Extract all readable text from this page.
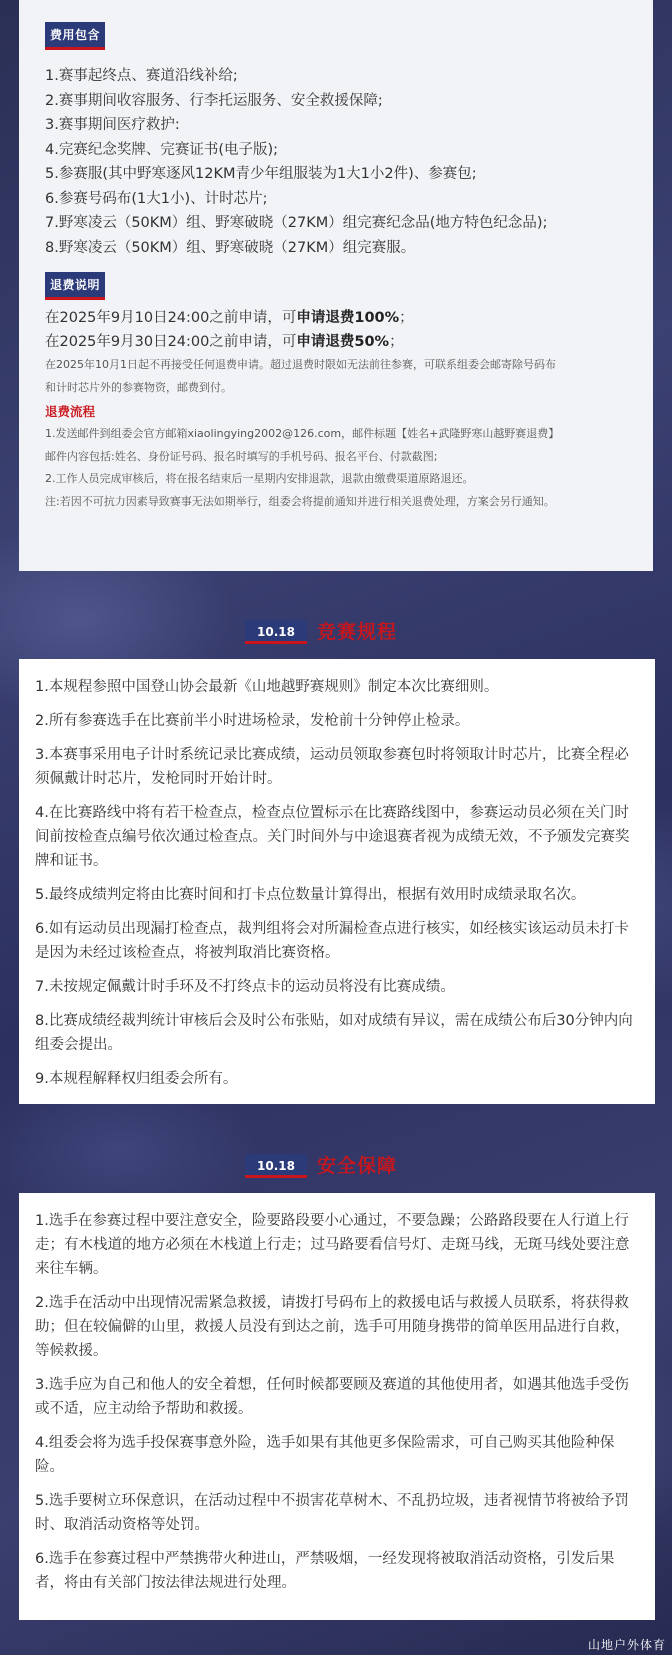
费用包含
1.赛事起终点、赛道沿线补给;
2.赛事期间收容服务、行李托运服务、安全救援保障;
3.赛事期间医疗救护:
4.完赛纪念奖牌、完赛证书(电子版);
5.参赛服(其中野寒逐风12KM青少年组服装为1大1小2件)、参赛包;
6.参赛号码布(1大1小)、计时芯片;
7.野寒凌云（50KM）组、野寒破晓（27KM）组完赛纪念品(地方特色纪念品);
8.野寒凌云（50KM）组、野寒破晓（27KM）组完赛服。
退费说明
在2025年9月10日24:00之前申请，可申请退费100%；
在2025年9月30日24:00之前申请，可申请退费50%；
在2025年10月1日起不再接受任何退费申请。超过退费时限如无法前往参赛，可联系组委会邮寄除号码布
和计时芯片外的参赛物资，邮费到付。
退费流程
1.发送邮件到组委会官方邮箱xiaolingying2002@126.com，邮件标题【姓名+武隆野寒山越野赛退费】
邮件内容包括:姓名、身份证号码、报名时填写的手机号码、报名平台、付款截图;
2.工作人员完成审核后，将在报名结束后一星期内安排退款，退款由缴费渠道原路退还。
注:若因不可抗力因素导致赛事无法如期举行，组委会将提前通知并进行相关退费处理，方案会另行通知。
10.18	竞赛规程

1.本规程参照中国登山协会最新《山地越野赛规则》制定本次比赛细则。

2.所有参赛选手在比赛前半小时进场检录，发枪前十分钟停止检录。

3.本赛事采用电子计时系统记录比赛成绩，运动员领取参赛包时将领取计时芯片，比赛全程必须佩戴计时芯片，发枪同时开始计时。

4.在比赛路线中将有若干检查点，检查点位置标示在比赛路线图中，参赛运动员必须在关门时间前按检查点编号依次通过检查点。关门时间外与中途退赛者视为成绩无效，不予颁发完赛奖牌和证书。

5.最终成绩判定将由比赛时间和打卡点位数量计算得出，根据有效用时成绩录取名次。

6.如有运动员出现漏打检查点，裁判组将会对所漏检查点进行核实，如经核实该运动员未打卡是因为未经过该检查点，将被判取消比赛资格。

7.未按规定佩戴计时手环及不打终点卡的运动员将没有比赛成绩。

8.比赛成绩经裁判统计审核后会及时公布张贴，如对成绩有异议，需在成绩公布后30分钟内向组委会提出。

9.本规程解释权归组委会所有。

10.18	安全保障

1.选手在参赛过程中要注意安全，险要路段要小心通过，不要急躁；公路路段要在人行道上行走；有木栈道的地方必须在木栈道上行走；过马路要看信号灯、走斑马线，无斑马线处要注意来往车辆。

2.选手在活动中出现情况需紧急救援，请拨打号码布上的救援电话与救援人员联系，将获得救助；但在较偏僻的山里，救援人员没有到达之前，选手可用随身携带的简单医用品进行自救，等候救援。

3.选手应为自己和他人的安全着想，任何时候都要顾及赛道的其他使用者，如遇其他选手受伤或不适，应主动给予帮助和救援。

4.组委会将为选手投保赛事意外险，选手如果有其他更多保险需求，可自己购买其他险种保险。

5.选手要树立环保意识，在活动过程中不损害花草树木、不乱扔垃圾，违者视情节将被给予罚时、取消活动资格等处罚。

6.选手在参赛过程中严禁携带火种进山，严禁吸烟，一经发现将被取消活动资格，引发后果者，将由有关部门按法律法规进行处理。

山地户外体育
